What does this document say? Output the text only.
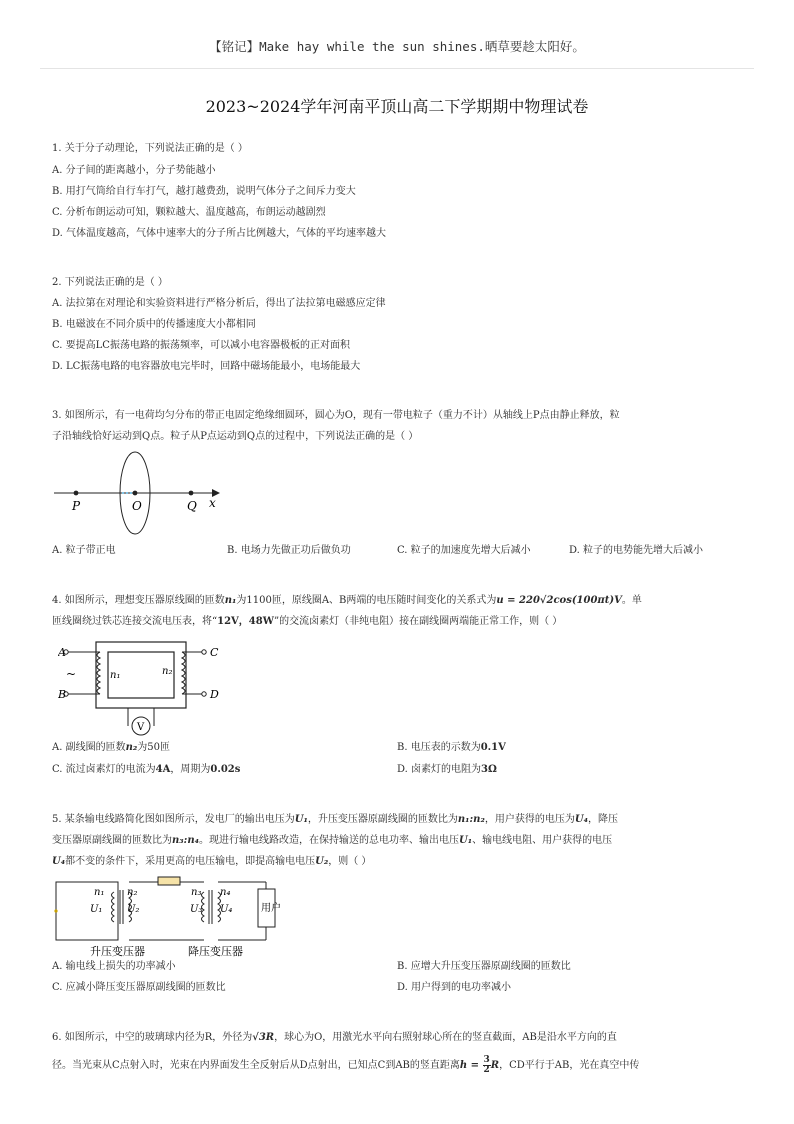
【铭记】Make hay while the sun shines.晒草要趁太阳好。
2023~2024学年河南平顶山高二下学期期中物理试卷
1. 关于分子动理论，下列说法正确的是（ ）
A. 分子间的距离越小，分子势能越小
B. 用打气筒给自行车打气，越打越费劲，说明气体分子之间斥力变大
C. 分析布朗运动可知，颗粒越大、温度越高，布朗运动越剧烈
D. 气体温度越高，气体中速率大的分子所占比例越大，气体的平均速率越大
2. 下列说法正确的是（ ）
A. 法拉第在对理论和实验资料进行严格分析后，得出了法拉第电磁感应定律
B. 电磁波在不同介质中的传播速度大小都相同
C. 要提高LC振荡电路的振荡频率，可以减小电容器极板的正对面积
D. LC振荡电路的电容器放电完毕时，回路中磁场能最小，电场能最大
3. 如图所示，有一电荷均匀分布的带正电固定绝缘细圆环，圆心为O，现有一带电粒子（重力不计）从轴线上P点由静止释放，粒
子沿轴线恰好运动到Q点。粒子从P点运动到Q点的过程中，下列说法正确的是（ ）
P	O	Q x
A. 粒子带正电	B. 电场力先做正功后做负功	C. 粒子的加速度先增大后减小	D. 粒子的电势能先增大后减小
4. 如图所示，理想变压器原线圈的匝数n₁为1100匝，原线圈A、B两端的电压随时间变化的关系式为u = 220√2cos(100πt)V。单
匝线圈绕过铁芯连接交流电压表，将“12V，48W”的交流卤素灯（非纯电阻）接在副线圈两端能正常工作，则（ ）
A
B
~	n₁
C
D
n₂
V
A. 副线圈的匝数n₂为50匝	B. 电压表的示数为0.1V
C. 流过卤素灯的电流为4A，周期为0.02s	D. 卤素灯的电阻为3Ω
5. 某条输电线路简化图如图所示，发电厂的输出电压为U₁，升压变压器原副线圈的匝数比为n₁:n₂，用户获得的电压为U₄，降压
变压器原副线圈的匝数比为n₃:n₄。现进行输电线路改造，在保持输送的总电功率、输出电压U₁、输电线电阻、用户获得的电压
U₄都不变的条件下，采用更高的电压输电，即提高输电电压U₂，则（ ）
n₁
U₁
n₂
U₂
n₃
U₃
n₄
U₄	用户
升压变压器	降压变压器
A. 输电线上损失的功率减小	B. 应增大升压变压器原副线圈的匝数比
C. 应减小降压变压器原副线圈的匝数比	D. 用户得到的电功率减小
6. 如图所示，中空的玻璃球内径为R，外径为√3R，球心为O，用激光水平向右照射球心所在的竖直截面，AB是沿水平方向的直
径。当光束从C点射入时，光束在内界面发生全反射后从D点射出，已知点C到AB的竖直距离$h = \frac{3}{2}$ R，CD平行于AB，光在真空中传
